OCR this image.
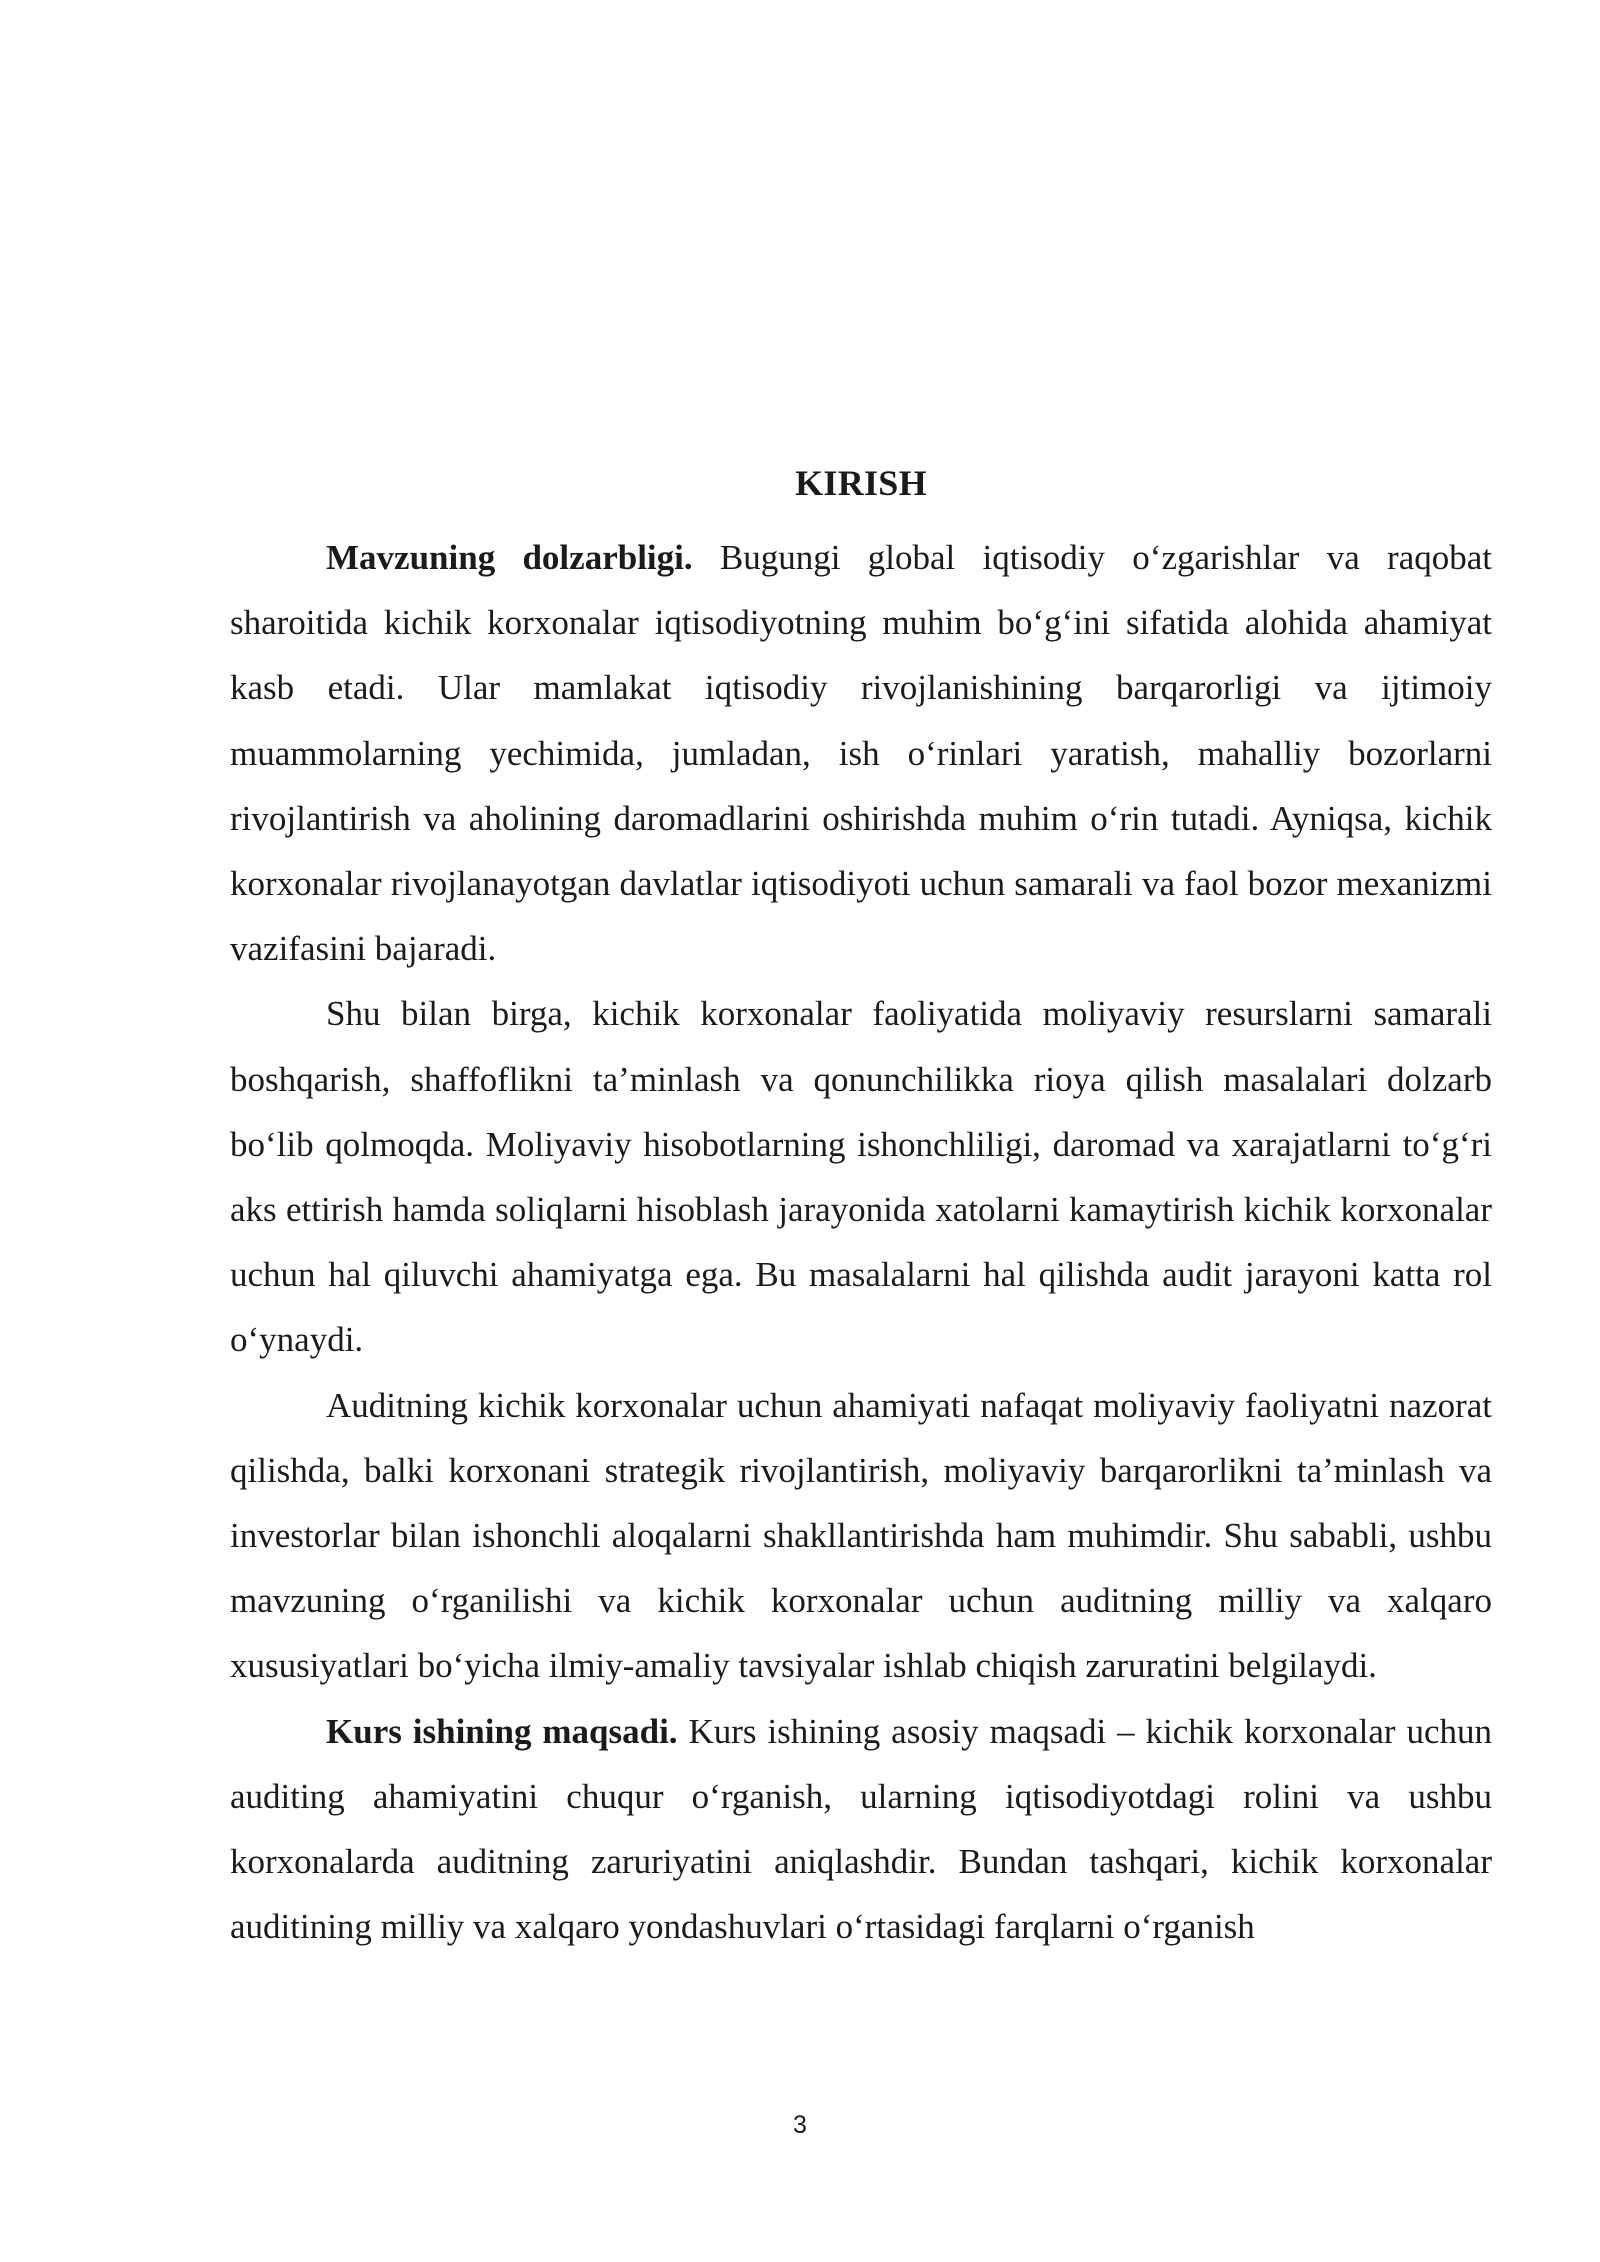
KIRISH

Mavzuning dolzarbligi. Bugungi global iqtisodiy o‘zgarishlar va raqobat sharoitida kichik korxonalar iqtisodiyotning muhim bo‘g‘ini sifatida alohida ahamiyat kasb etadi. Ular mamlakat iqtisodiy rivojlanishining barqarorligi va ijtimoiy muammolarning yechimida, jumladan, ish o‘rinlari yaratish, mahalliy bozorlarni rivojlantirish va aholining daromadlarini oshirishda muhim o‘rin tutadi. Ayniqsa, kichik korxonalar rivojlanayotgan davlatlar iqtisodiyoti uchun samarali va faol bozor mexanizmi vazifasini bajaradi.

Shu bilan birga, kichik korxonalar faoliyatida moliyaviy resurslarni samarali boshqarish, shaffoflikni ta’minlash va qonunchilikka rioya qilish masalalari dolzarb bo‘lib qolmoqda. Moliyaviy hisobotlarning ishonchliligi, daromad va xarajatlarni to‘g‘ri aks ettirish hamda soliqlarni hisoblash jarayonida xatolarni kamaytirish kichik korxonalar uchun hal qiluvchi ahamiyatga ega. Bu masalalarni hal qilishda audit jarayoni katta rol o‘ynaydi.

Auditning kichik korxonalar uchun ahamiyati nafaqat moliyaviy faoliyatni nazorat qilishda, balki korxonani strategik rivojlantirish, moliyaviy barqarorlikni ta’minlash va investorlar bilan ishonchli aloqalarni shakllantirishda ham muhimdir. Shu sababli, ushbu mavzuning o‘rganilishi va kichik korxonalar uchun auditning milliy va xalqaro xususiyatlari bo‘yicha ilmiy-amaliy tavsiyalar ishlab chiqish zaruratini belgilaydi.

Kurs ishining maqsadi. Kurs ishining asosiy maqsadi – kichik korxonalar uchun auditing ahamiyatini chuqur o‘rganish, ularning iqtisodiyotdagi rolini va ushbu korxonalarda auditning zaruriyatini aniqlashdir. Bundan tashqari, kichik korxonalar auditining milliy va xalqaro yondashuvlari o‘rtasidagi farqlarni o‘rganish

3
